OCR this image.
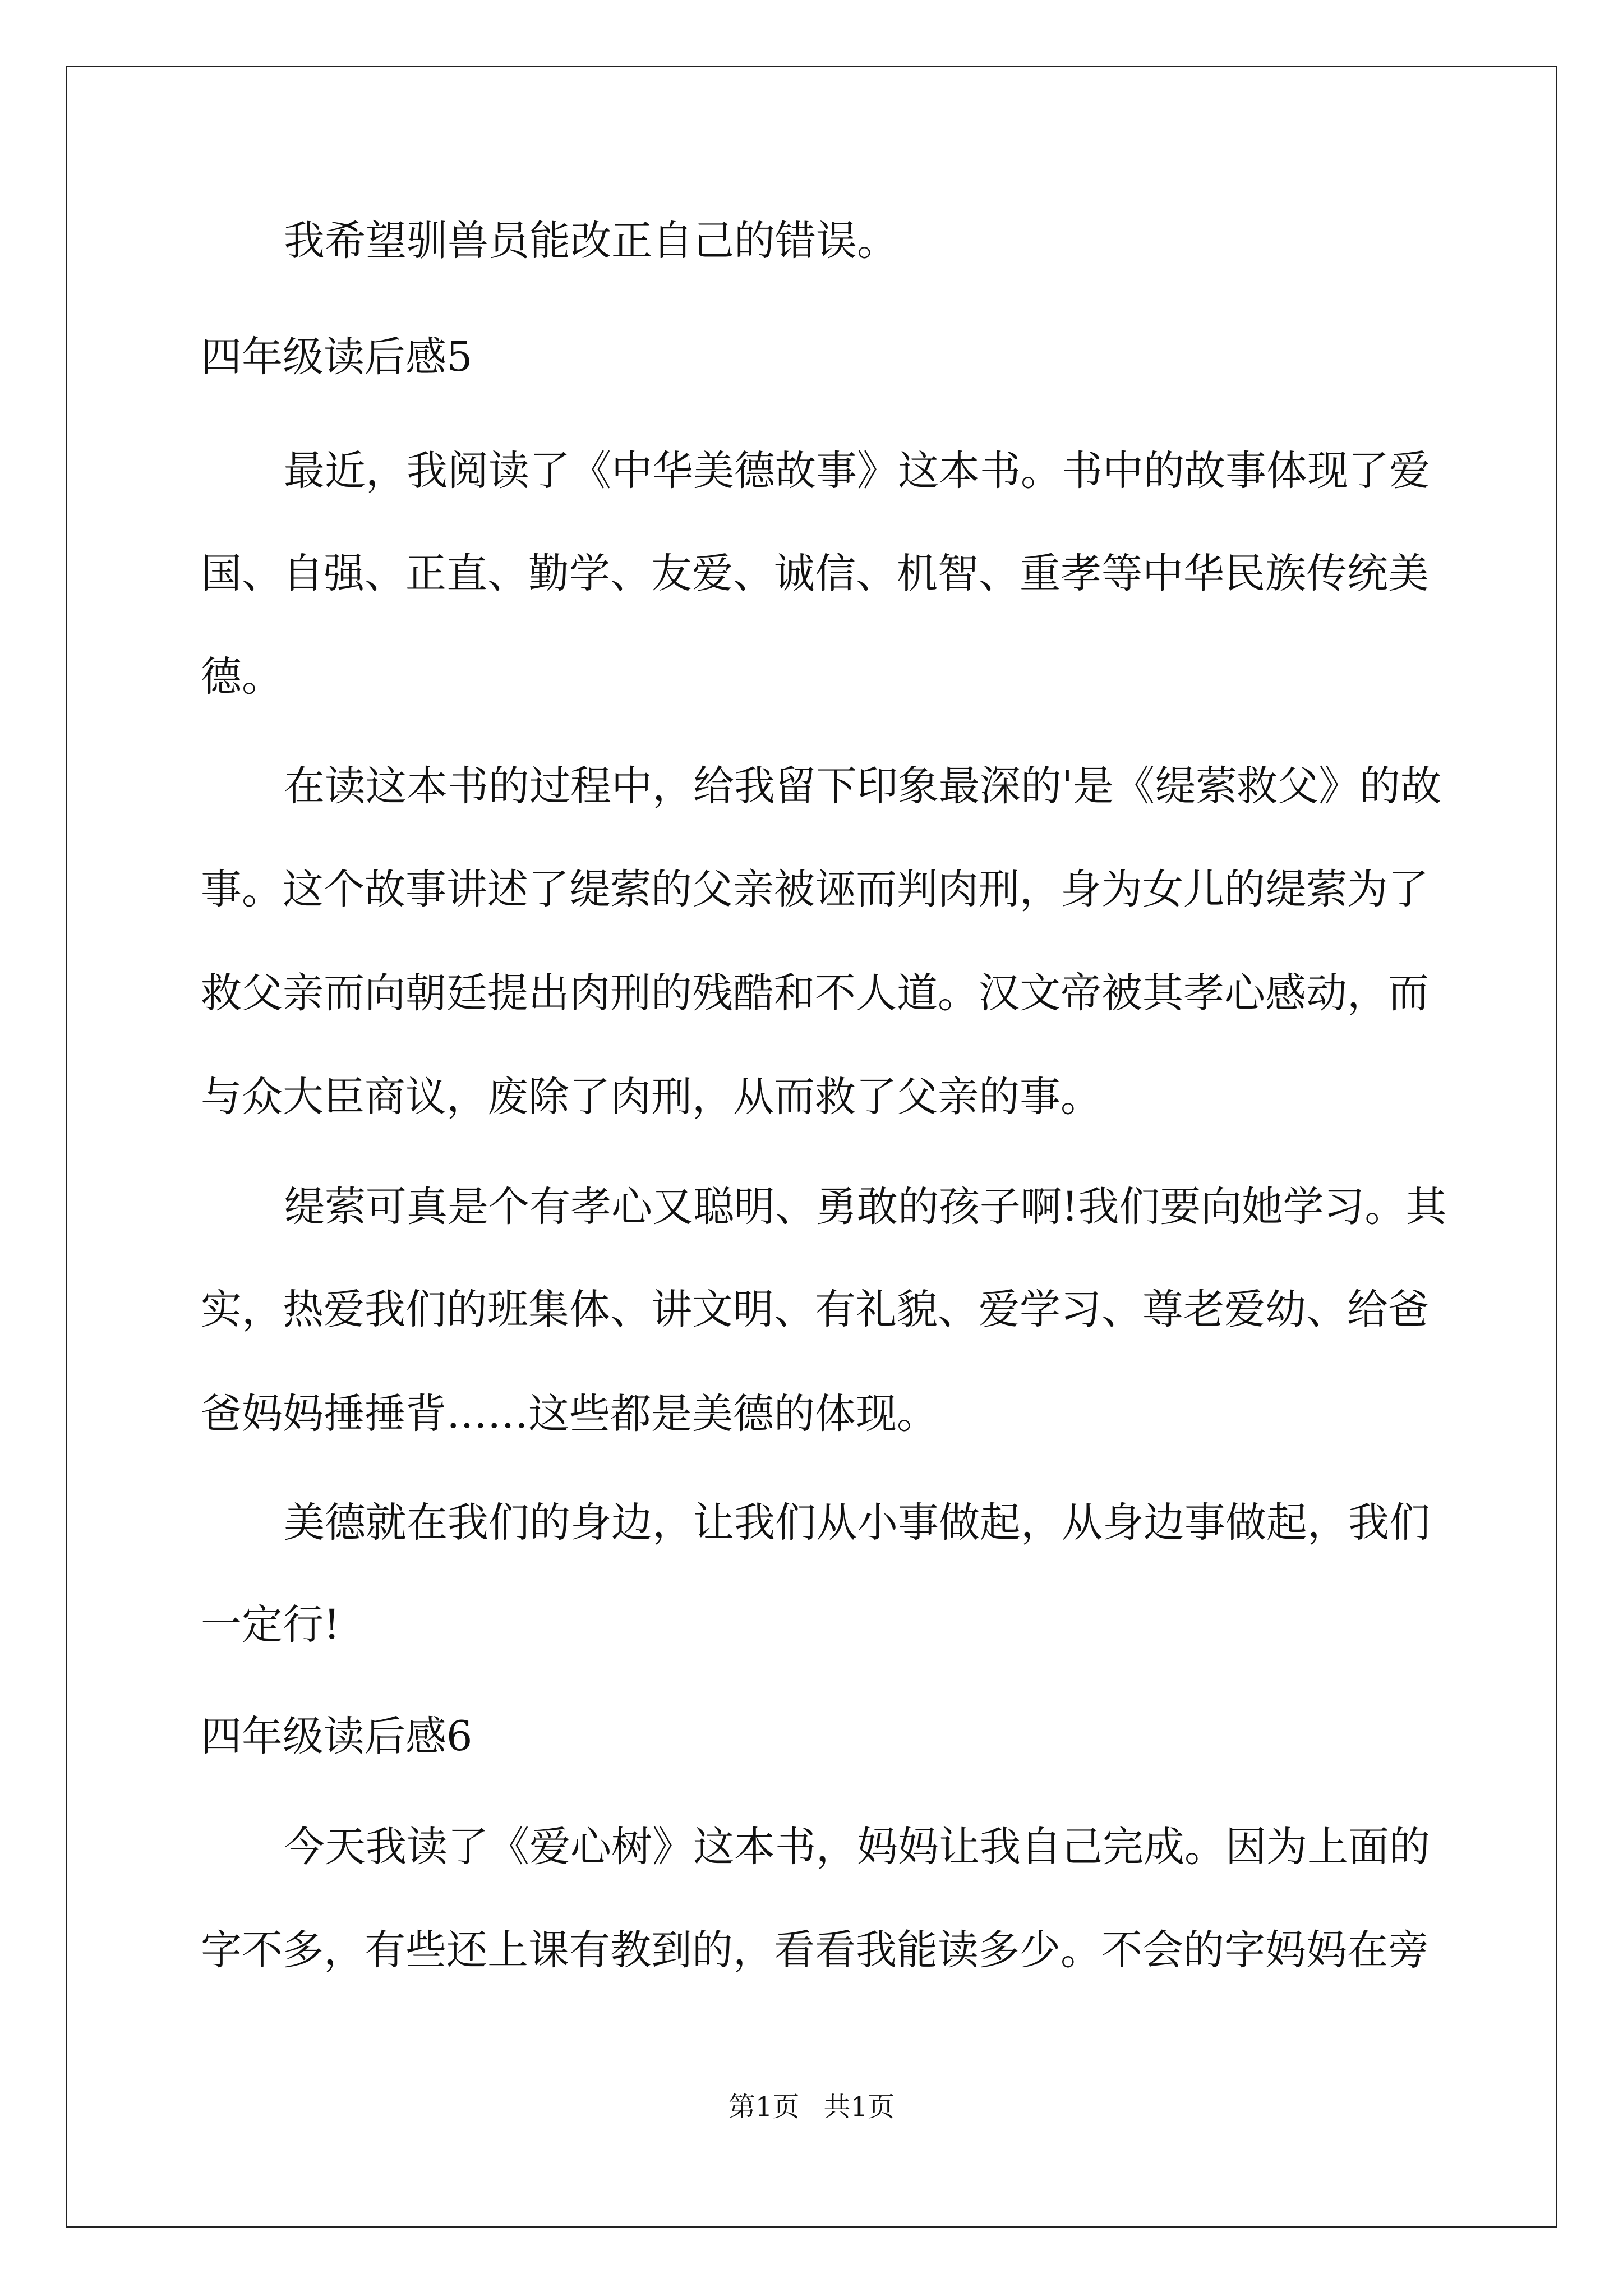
我希望驯兽员能改正自己的错误。
四年级读后感5
最近，我阅读了《中华美德故事》这本书。书中的故事体现了爱
国、自强、正直、勤学、友爱、诚信、机智、重孝等中华民族传统美
德。
在读这本书的过程中，给我留下印象最深的'是《缇萦救父》的故
事。这个故事讲述了缇萦的父亲被诬而判肉刑，身为女儿的缇萦为了
救父亲而向朝廷提出肉刑的残酷和不人道。汉文帝被其孝心感动，而
与众大臣商议，废除了肉刑，从而救了父亲的事。
缇萦可真是个有孝心又聪明、勇敢的孩子啊!我们要向她学习。其
实，热爱我们的班集体、讲文明、有礼貌、爱学习、尊老爱幼、给爸
爸妈妈捶捶背……这些都是美德的体现。
美德就在我们的身边，让我们从小事做起，从身边事做起，我们
一定行!
四年级读后感6
今天我读了《爱心树》这本书，妈妈让我自己完成。因为上面的
字不多，有些还上课有教到的，看看我能读多少。不会的字妈妈在旁
第1页 共1页
